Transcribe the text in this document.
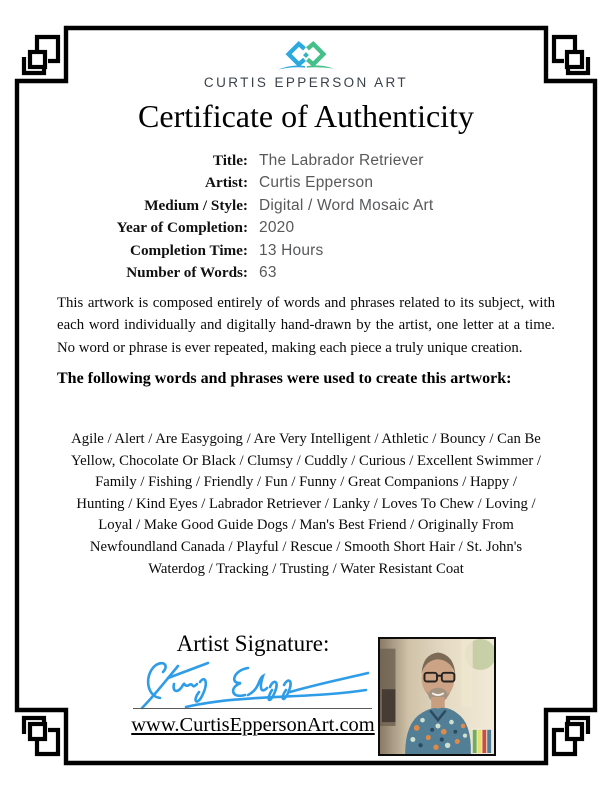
CURTIS EPPERSON ART
Certificate of Authenticity
Title: The Labrador Retriever
Artist: Curtis Epperson
Medium / Style: Digital / Word Mosaic Art
Year of Completion: 2020
Completion Time: 13 Hours
Number of Words: 63
This artwork is composed entirely of words and phrases related to its subject, with each word individually and digitally hand-drawn by the artist, one letter at a time. No word or phrase is ever repeated, making each piece a truly unique creation.
The following words and phrases were used to create this artwork:
Agile / Alert / Are Easygoing / Are Very Intelligent / Athletic / Bouncy / Can Be Yellow, Chocolate Or Black / Clumsy / Cuddly / Curious / Excellent Swimmer / Family / Fishing / Friendly / Fun / Funny / Great Companions / Happy / Hunting / Kind Eyes / Labrador Retriever / Lanky / Loves To Chew / Loving / Loyal / Make Good Guide Dogs / Man's Best Friend / Originally From Newfoundland Canada / Playful / Rescue / Smooth Short Hair / St. John's Waterdog / Tracking / Trusting / Water Resistant Coat
Artist Signature:
www.CurtisEppersonArt.com
